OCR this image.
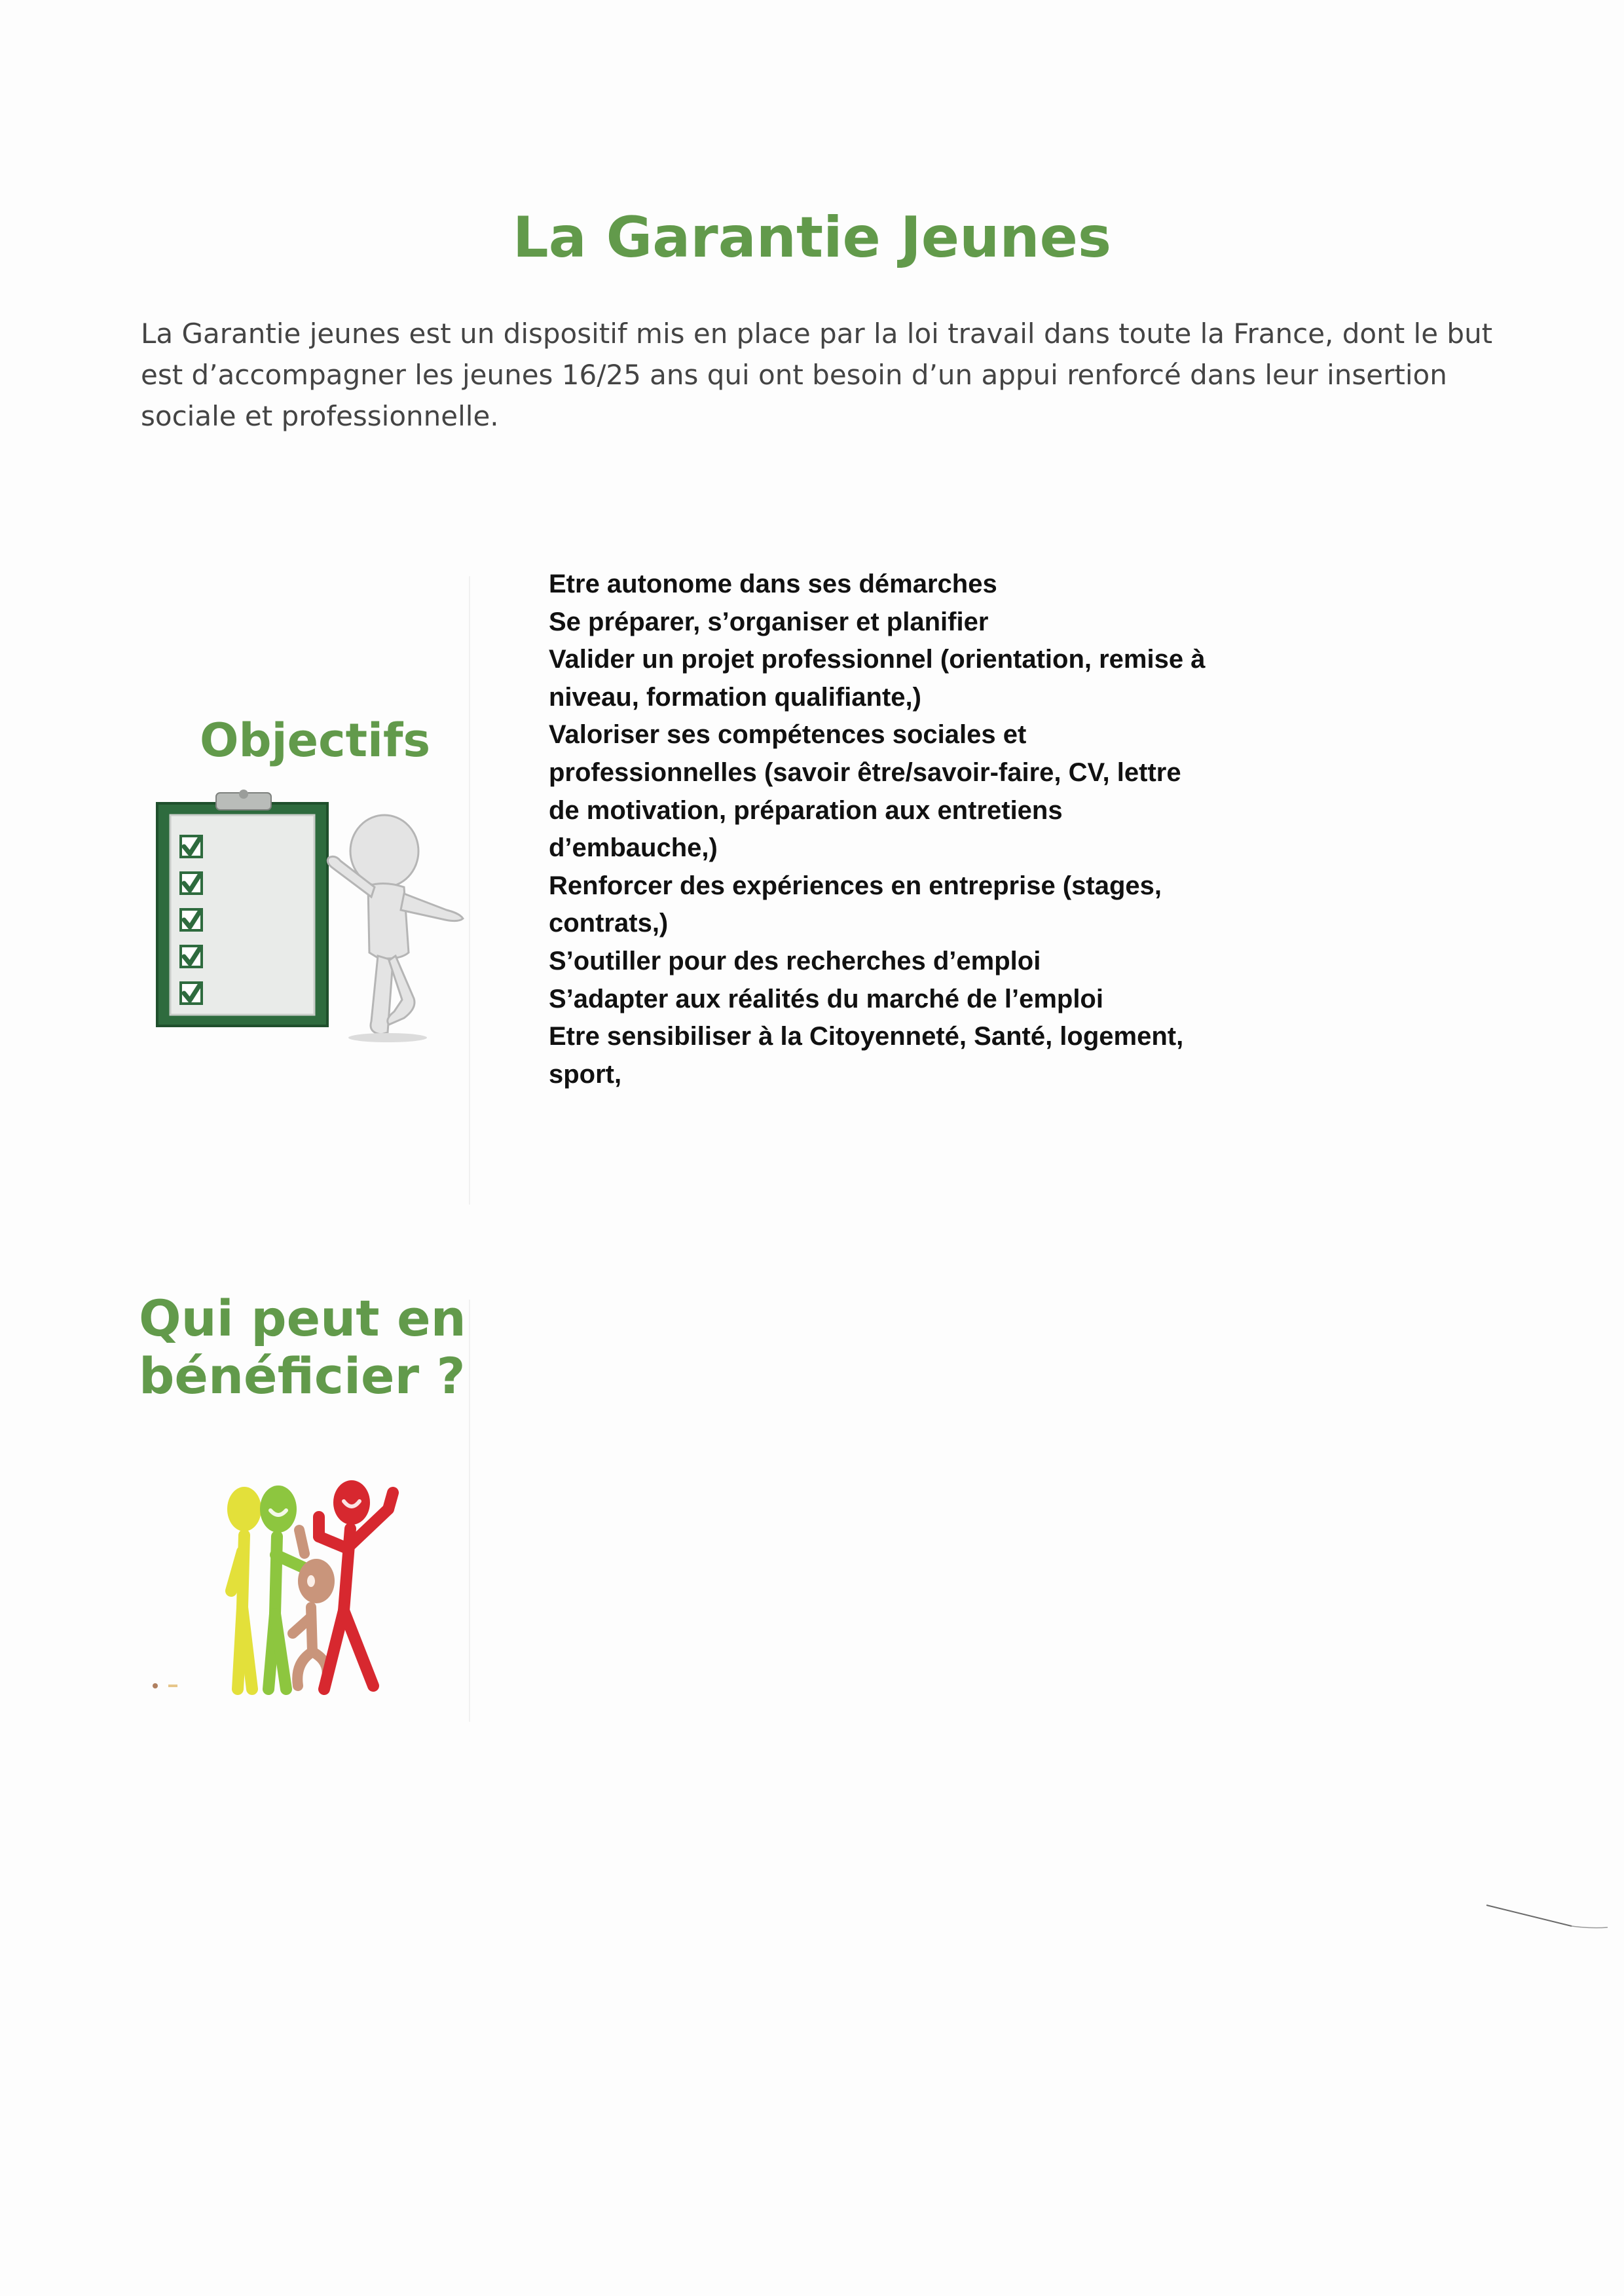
La Garantie Jeunes

La Garantie jeunes est un dispositif mis en place par la loi travail dans toute la France, dont le but est d’accompagner les jeunes 16/25 ans qui ont besoin d’un appui renforcé dans leur insertion sociale et professionnelle.

Objectifs
Etre autonome dans ses démarches
Se préparer, s’organiser et planifier
Valider un projet professionnel (orientation, remise à
niveau, formation qualifiante,)
Valoriser ses compétences sociales et
professionnelles (savoir être/savoir-faire, CV, lettre
de motivation, préparation aux entretiens
d’embauche,)
Renforcer des expériences en entreprise (stages,
contrats,)
S’outiller pour des recherches d’emploi
S’adapter aux réalités du marché de l’emploi
Etre sensibiliser à la Citoyenneté, Santé, logement,
sport,
Qui peut en
bénéficier ?
